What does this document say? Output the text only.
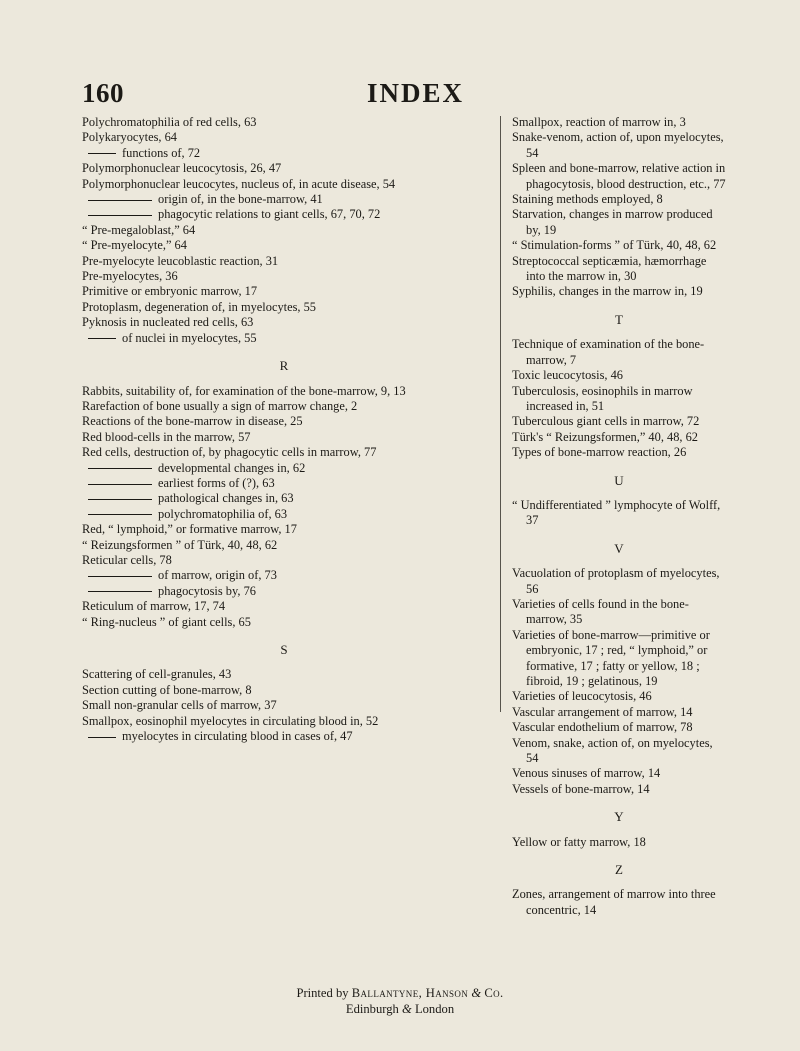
160	INDEX
Polychromatophilia of red cells, 63
Polykaryocytes, 64
functions of, 72
Polymorphonuclear leucocytosis, 26, 47
Polymorphonuclear leucocytes, nucleus of, in acute disease, 54
origin of, in the bone-marrow, 41
phagocytic relations to giant cells, 67, 70, 72
“ Pre-megaloblast,” 64
“ Pre-myelocyte,” 64
Pre-myelocyte leucoblastic reaction, 31
Pre-myelocytes, 36
Primitive or embryonic marrow, 17
Protoplasm, degeneration of, in myelocytes, 55
Pyknosis in nucleated red cells, 63
of nuclei in myelocytes, 55
R
Rabbits, suitability of, for examination of the bone-marrow, 9, 13
Rarefaction of bone usually a sign of marrow change, 2
Reactions of the bone-marrow in disease, 25
Red blood-cells in the marrow, 57
Red cells, destruction of, by phagocytic cells in marrow, 77
developmental changes in, 62
earliest forms of (?), 63
pathological changes in, 63
polychromatophilia of, 63
Red, “ lymphoid,” or formative marrow, 17
“ Reizungsformen ” of Türk, 40, 48, 62
Reticular cells, 78
of marrow, origin of, 73
phagocytosis by, 76
Reticulum of marrow, 17, 74
“ Ring-nucleus ” of giant cells, 65
S
Scattering of cell-granules, 43
Section cutting of bone-marrow, 8
Small non-granular cells of marrow, 37
Smallpox, eosinophil myelocytes in circulating blood in, 52
myelocytes in circulating blood in cases of, 47
Smallpox, reaction of marrow in, 3
Snake-venom, action of, upon myelocytes, 54
Spleen and bone-marrow, relative action in phagocytosis, blood destruction, etc., 77
Staining methods employed, 8
Starvation, changes in marrow produced by, 19
“ Stimulation-forms ” of Türk, 40, 48, 62
Streptococcal septicæmia, hæmorrhage into the marrow in, 30
Syphilis, changes in the marrow in, 19
T
Technique of examination of the bone-marrow, 7
Toxic leucocytosis, 46
Tuberculosis, eosinophils in marrow increased in, 51
Tuberculous giant cells in marrow, 72
Türk's “ Reizungsformen,” 40, 48, 62
Types of bone-marrow reaction, 26
U
“ Undifferentiated ” lymphocyte of Wolff, 37
V
Vacuolation of protoplasm of myelocytes, 56
Varieties of cells found in the bone-marrow, 35
Varieties of bone-marrow—primitive or embryonic, 17 ; red, “ lymphoid,” or formative, 17 ; fatty or yellow, 18 ; fibroid, 19 ; gelatinous, 19
Varieties of leucocytosis, 46
Vascular arrangement of marrow, 14
Vascular endothelium of marrow, 78
Venom, snake, action of, on myelocytes, 54
Venous sinuses of marrow, 14
Vessels of bone-marrow, 14
Y
Yellow or fatty marrow, 18
Z
Zones, arrangement of marrow into three concentric, 14
Printed by Ballantyne, Hanson & Co.
Edinburgh & London
